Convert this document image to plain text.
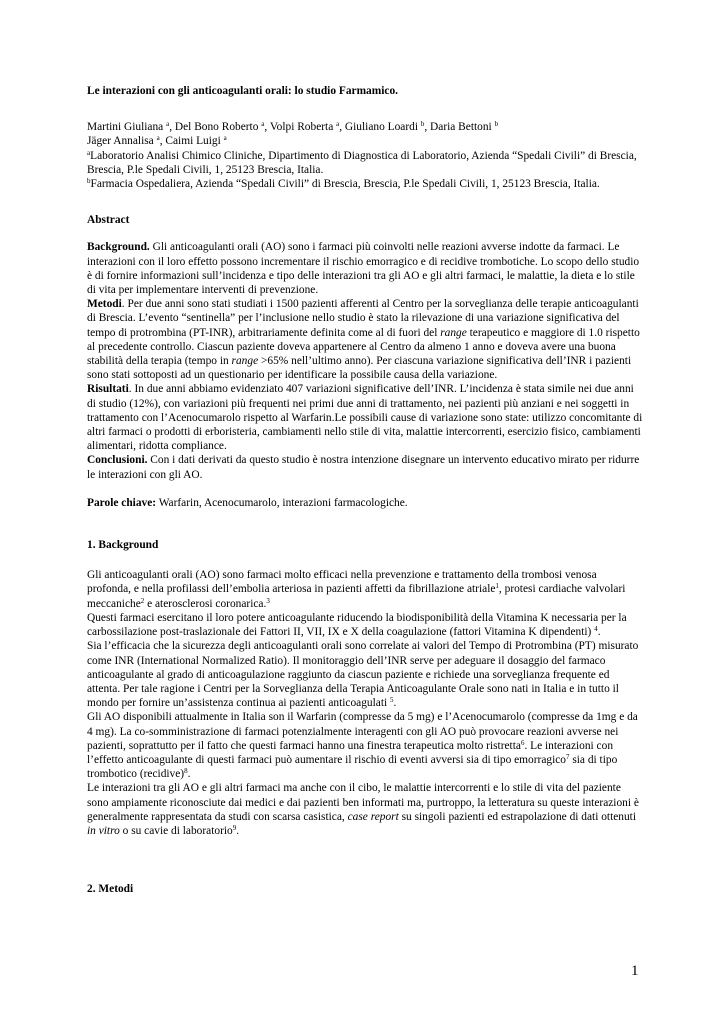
Le interazioni con gli anticoagulanti orali: lo studio Farmamico.

Martini Giuliana $^a$, Del Bono Roberto $^a$, Volpi Roberta $^a$, Giuliano Loardi $^b$, Daria Bettoni $^b$

Jäger Annalisa $^a$, Caimi Luigi $^a$

$^a$Laboratorio Analisi Chimico Cliniche, Dipartimento di Diagnostica di Laboratorio, Azienda “Spedali Civili” di Brescia, Brescia, P.le Spedali Civili, 1, 25123 Brescia, Italia.

$^b$Farmacia Ospedaliera, Azienda “Spedali Civili” di Brescia, Brescia, P.le Spedali Civili, 1, 25123 Brescia, Italia.

Abstract

Background. Gli anticoagulanti orali (AO) sono i farmaci più coinvolti nelle reazioni avverse indotte da farmaci. Le interazioni con il loro effetto possono incrementare il rischio emorragico e di recidive trombotiche. Lo scopo dello studio è di fornire informazioni sull’incidenza e tipo delle interazioni tra gli AO e gli altri farmaci, le malattie, la dieta e lo stile di vita per implementare interventi di prevenzione.

Metodi. Per due anni sono stati studiati i 1500 pazienti afferenti al Centro per la sorveglianza delle terapie anticoagulanti di Brescia. L’evento “sentinella” per l’inclusione nello studio è stato la rilevazione di una variazione significativa del tempo di protrombina (PT-INR), arbitrariamente definita come al di fuori del range terapeutico e maggiore di 1.0 rispetto al precedente controllo. Ciascun paziente doveva appartenere al Centro da almeno 1 anno e doveva avere una buona stabilità della terapia (tempo in range >65% nell’ultimo anno). Per ciascuna variazione significativa dell’INR i pazienti sono stati sottoposti ad un questionario per identificare la possibile causa della variazione.

Risultati. In due anni abbiamo evidenziato 407 variazioni significative dell’INR. L’incidenza è stata simile nei due anni di studio (12%), con variazioni più frequenti nei primi due anni di trattamento, nei pazienti più anziani e nei soggetti in trattamento con l’Acenocumarolo rispetto al Warfarin.Le possibili cause di variazione sono state: utilizzo concomitante di altri farmaci o prodotti di erboristeria, cambiamenti nello stile di vita, malattie intercorrenti, esercizio fisico, cambiamenti alimentari, ridotta compliance.

Conclusioni. Con i dati derivati da questo studio è nostra intenzione disegnare un intervento educativo mirato per ridurre le interazioni con gli AO.

Parole chiave: Warfarin, Acenocumarolo, interazioni farmacologiche.

1. Background

Gli anticoagulanti orali (AO) sono farmaci molto efficaci nella prevenzione e trattamento della trombosi venosa profonda, e nella profilassi dell’embolia arteriosa in pazienti affetti da fibrillazione atriale$^1$, protesi cardiache valvolari meccaniche$^2$ e aterosclerosi coronarica.$^3$

Questi farmaci esercitano il loro potere anticoagulante riducendo la biodisponibilità della Vitamina K necessaria per la carbossilazione post-traslazionale dei Fattori II, VII, IX e X della coagulazione (fattori Vitamina K dipendenti) $^4$.

Sia l’efficacia che la sicurezza degli anticoagulanti orali sono correlate ai valori del Tempo di Protrombina (PT) misurato come INR (International Normalized Ratio). Il monitoraggio dell’INR serve per adeguare il dosaggio del farmaco anticoagulante al grado di anticoagulazione raggiunto da ciascun paziente e richiede una sorveglianza frequente ed attenta. Per tale ragione i Centri per la Sorveglianza della Terapia Anticoagulante Orale sono nati in Italia e in tutto il mondo per fornire un’assistenza continua ai pazienti anticoagulati $^5$.

Gli AO disponibili attualmente in Italia son il Warfarin (compresse da 5 mg) e l’Acenocumarolo (compresse da 1mg e da 4 mg). La co-somministrazione di farmaci potenzialmente interagenti con gli AO può provocare reazioni avverse nei pazienti, soprattutto per il fatto che questi farmaci hanno una finestra terapeutica molto ristretta$^6$. Le interazioni con l’effetto anticoagulante di questi farmaci può aumentare il rischio di eventi avversi sia di tipo emorragico$^7$ sia di tipo trombotico (recidive)$^8$.

Le interazioni tra gli AO e gli altri farmaci ma anche con il cibo, le malattie intercorrenti e lo stile di vita del paziente sono ampiamente riconosciute dai medici e dai pazienti ben informati ma, purtroppo, la letteratura su queste interazioni è generalmente rappresentata da studi con scarsa casistica, case report su singoli pazienti ed estrapolazione di dati ottenuti in vitro o su cavie di laboratorio$^9$.

2. Metodi

1
